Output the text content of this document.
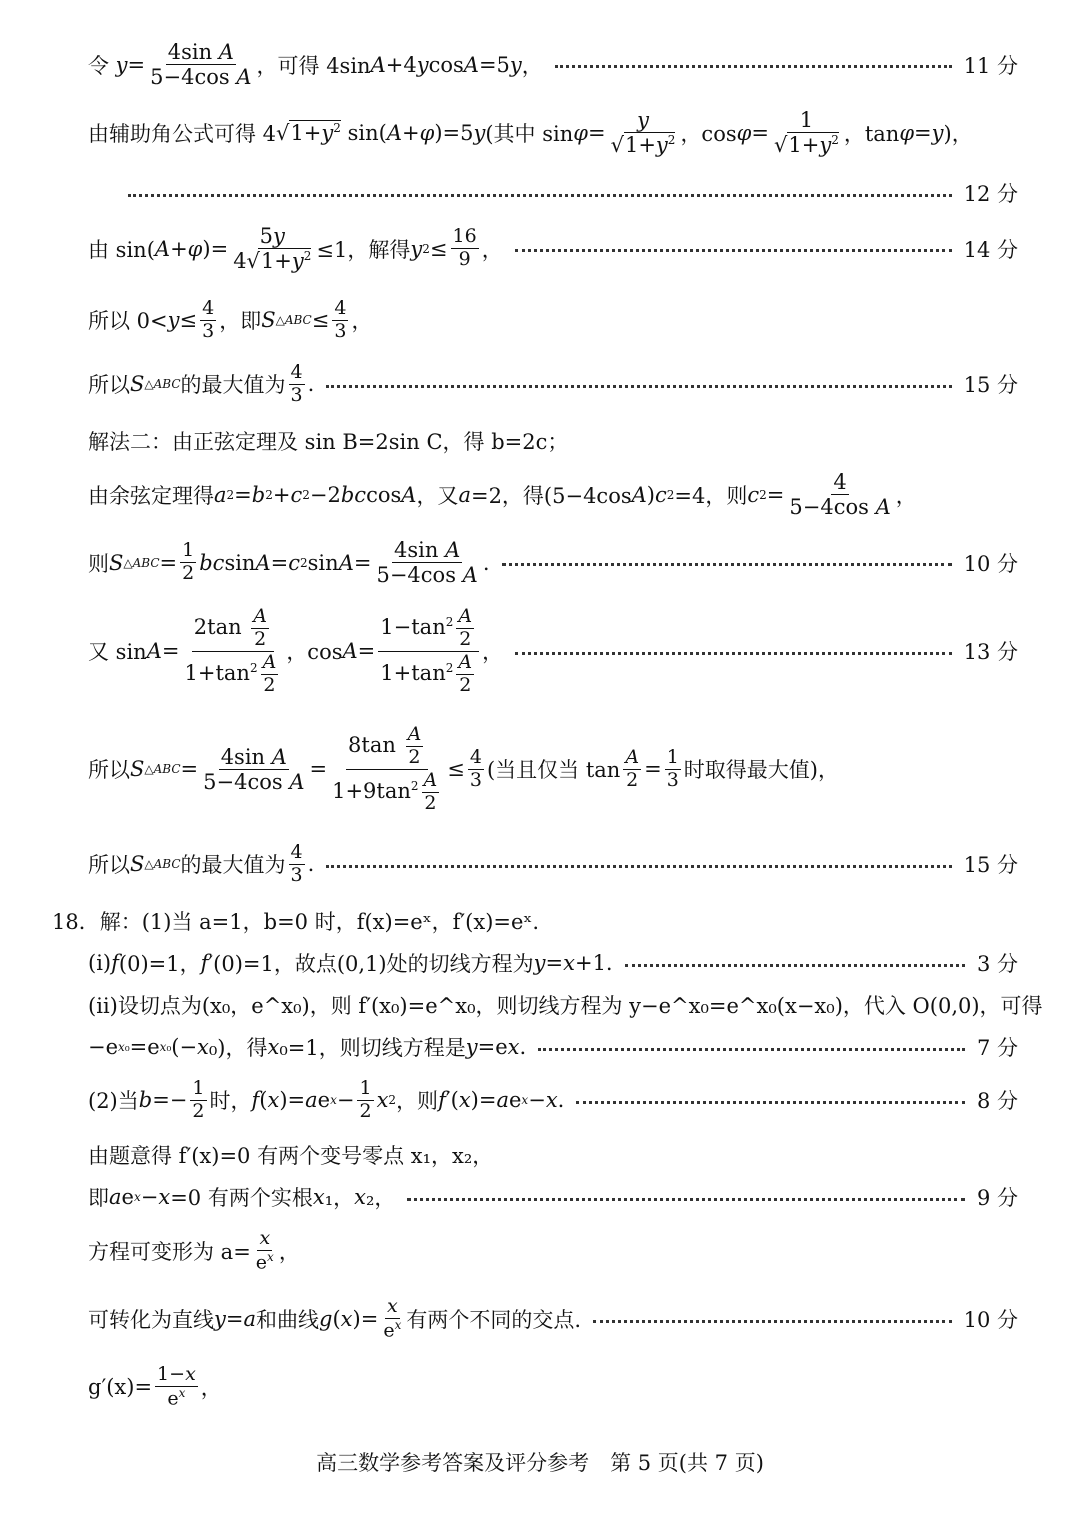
令 $y = \frac{\text{4sin A}}{\text{5−4cos A}}$ ，可得 4sin A +4 y cos A =5 y ，	11 分
由辅助角公式可得 4 √ $1+y^2$ sin( A + φ )=5 y (其中 $\sin \varphi = \frac{y}{√1+y^2}$ ，$\cos \varphi = \frac{1}{√1+y^2}$ ，tan φ = y )，
12 分
由 sin( A + φ )= $\frac{5y}{4√1+y^2} \le 1$，解得 y $2 \le \frac{16}{9}$ ，	14 分
所以 $0< y \le \frac{4}{3}$ ，即 S △ABC ≤ $\frac{4}{3}$ ，
所以 S △ABC 的最大值为 $\frac{4}{3}$ .	15 分
解法二：由正弦定理及 sin B=2sin C，得 b=2c；
由余弦定理得 a 2 = b 2 + c 2 −2 bc cos A ，又 a =2，得(5−4cos A ) c 2 =4，则 c $2 = \frac{4}{\text{5−4cos A}}$ ，
则 S △ABC = $\frac{1}{2}$ bc sin A = c 2 $\sin A = \frac{\text{4sin A}}{\text{5−4cos A}}$ .	10 分
又 $\sin A = \frac{2\tan \frac{A}{2}}{1+\tan^2 \frac{A}{2}}$ ，$\cos A = \frac{1-\tan^2 \frac{A}{2}}{1+\tan^2 \frac{A}{2}}$ ，	13 分
所以 S △ABC = $\frac{\text{4sin A}}{\text{5−4cos A}} = \frac{8\tan \frac{A}{2}}{1+9\tan^2 \frac{A}{2}} \le \frac{4}{3}$ (当且仅当 $\tan \frac{A}{2} = \frac{1}{3}$ 时取得最大值)，
所以 S △ABC 的最大值为 $\frac{4}{3}$ .	15 分
18．解：(1)当 a=1，b=0 时，f(x)=eˣ，f′(x)=eˣ.
(ⅰ) f (0)=1， f ′(0)=1，故点(0,1)处的切线方程为 y = x +1.	3 分
(ⅱ)设切点为(x₀，e^x₀)，则 f′(x₀)=e^x₀，则切线方程为 y−e^x₀=e^x₀(x−x₀)，代入 O(0,0)，可得
−e x₀ =e x₀ (− x ₀)，得 x ₀=1，则切线方程是 y =e x .	7 分
(2)当 $b =- \frac{1}{2}$ 时， f ( x )= a e $x - \frac{1}{2}$ x 2 ，则 f ′( x )= a e x − x .	8 分
由题意得 f′(x)=0 有两个变号零点 x₁，x₂，
即 a e x − x =0 有两个实根 x ₁， x ₂，	9 分
方程可变形为 $a= \frac{x}{e^x}$ ，
可转化为直线 y = a 和曲线 g ( x )= $\frac{x}{e^x}$ 有两个不同的交点.	10 分
$g'(x)= \frac{1-x}{e^x}$ ，
高三数学参考答案及评分参考　第 5 页(共 7 页)
